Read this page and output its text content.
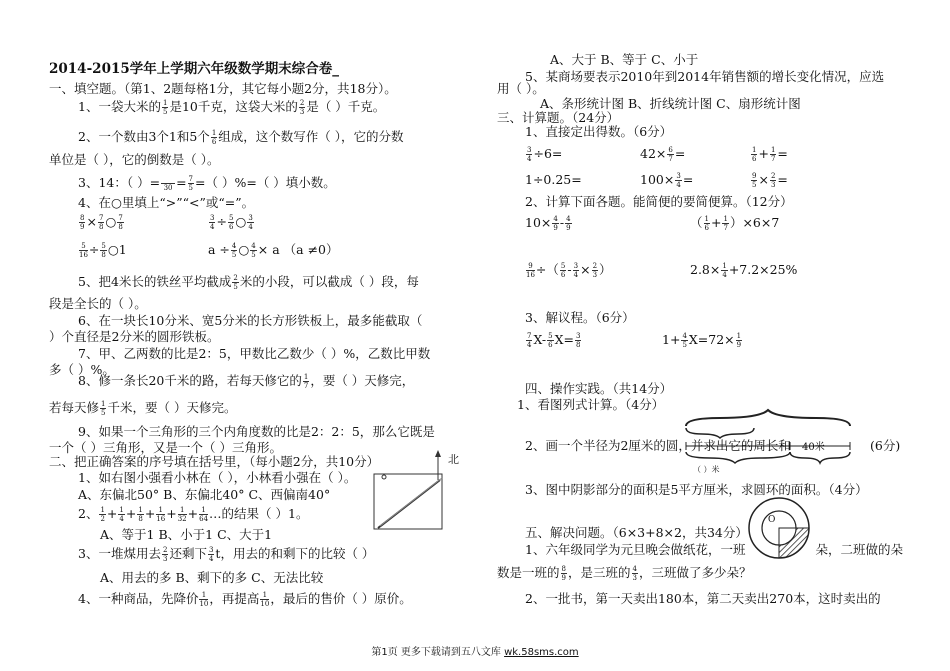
2014-2015学年上学期六年级数学期末综合卷_
一、填空题。（第1、2题每格1分，其它每小题2分，共18分）。
1、一袋大米的 $\frac{1}{5}$ 是10千克，这袋大米的 $\frac{2}{3}$ 是（ ）千克。
2、一个数由3个1和5个 $\frac{1}{6}$ 组成，这个数写作（ ），它的分数
单位是（ ），它的倒数是（ ）。
3、14：（ ）=
$30 = \frac{7}{5}$ =（ ）%=（ ）填小数。
4、在○里填上“>”“<”或“=”。
$\frac{8}{9} \times \frac{7}{8}$ ○ $\frac{7}{8}$	$\frac{3}{4} \div \frac{5}{6}$ ○ $\frac{3}{4}$
$\frac{5}{16} \div \frac{5}{8}$ ○1	$a \div \frac{4}{5}$ ○ $\frac{4}{5} \times a$ （a ≠0）
5、把4米长的铁丝平均截成 $\frac{2}{5}$ 米的小段，可以截成（ ）段，每
段是全长的（ ）。
6、在一块长10分米、宽5分米的长方形铁板上，最多能截取（
）个直径是2分米的圆形铁板。
7、甲、乙两数的比是2：5，甲数比乙数少（ ）%，乙数比甲数
多（ ）%。
8、修一条长20千米的路，若每天修它的 $\frac{1}{7}$ ，要（ ）天修完，
若每天修 $\frac{1}{5}$ 千米，要（ ）天修完。
9、如果一个三角形的三个内角度数的比是2：2：5，那么它既是
一个（ ）三角形，又是一个（ ）三角形。
二、把正确答案的序号填在括号里，（每小题2分，共10分）
1、如右图小强看小林在（ ），小林看小强在（ ）。
A、东偏北50° B、东偏北40° C、西偏南40°
北
2、 $\frac{1}{2} + \frac{1}{4} + \frac{1}{8} + \frac{1}{16} + \frac{1}{32} + \frac{1}{64}$ …的结果（ ）1。
A、等于1 B、小于1 C、大于1
3、一堆煤用去 $\frac{2}{3}$ 还剩下 $\frac{3}{4}$ t，用去的和剩下的比较（ ）
A、用去的多 B、剩下的多 C、无法比较
4、一种商品，先降价 $\frac{1}{10}$ ，再提高 $\frac{1}{10}$ ，最后的售价（ ）原价。
A、大于 B、等于 C、小于
5、某商场要表示2010年到2014年销售额的增长变化情况，应选
用（ ）。
A、条形统计图 B、折线统计图 C、扇形统计图
三、计算题。（24分）
1、直接定出得数。（6分）
$\frac{3}{4} \div 6=$	$42\times \frac{6}{7}$ =	$\frac{1}{6} + \frac{1}{7}$ =
1÷0.25=	$100\times \frac{3}{4}$ =	$\frac{9}{5} \times \frac{2}{3}$ =
2、计算下面各题。能简便的要简便算。（12分）
$10\times \frac{4}{9} - \frac{4}{9}$	（ $\frac{1}{6} + \frac{1}{7} )\times 6\times 7$
$\frac{9}{16}$ ÷（ $\frac{5}{6} - \frac{3}{4} \times \frac{2}{3}$ ）	$2.8\times \frac{1}{4} +7.2\times 25\%$
3、解议程。（6分）
$\frac{7}{4} X- \frac{5}{6} X= \frac{3}{8}$	$1+ \frac{4}{5} X=72\times \frac{1}{9}$
四、操作实践。（共14分）
1、看图列式计算。（4分）
40米
（ ）米
2、画一个半径为2厘米的圆，并求出它的周长和	(6分)
3、图中阴影部分的面积是5平方厘米，求圆环的面积。（4分）
O
五、解决问题。（6×3+8×2，共34分）
1、六年级同学为元旦晚会做纸花，一班	朵，二班做的朵
数是一班的 $\frac{8}{9}$ ，是三班的 $\frac{4}{3}$ ，三班做了多少朵？
2、一批书，第一天卖出180本，第二天卖出270本，这时卖出的
第1页 更多下载请到五八文库 wk.58sms.com
